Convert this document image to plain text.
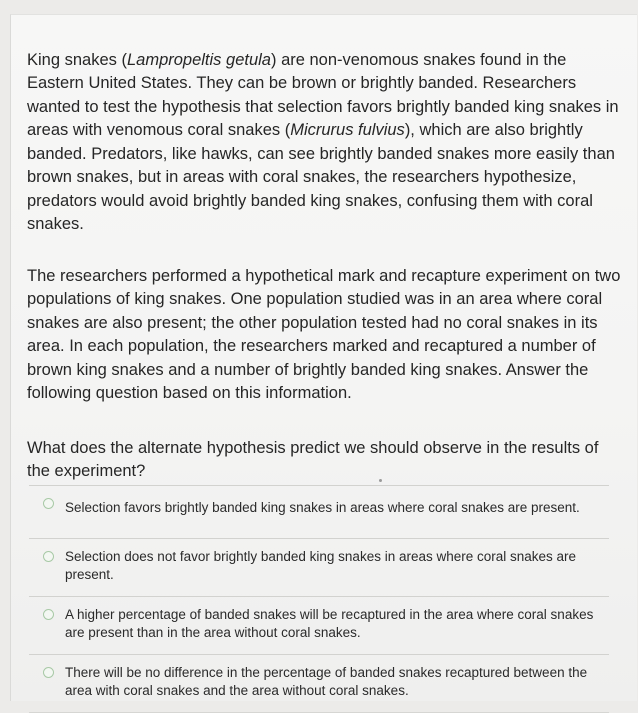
King snakes (Lampropeltis getula) are non-venomous snakes found in the Eastern United States. They can be brown or brightly banded. Researchers wanted to test the hypothesis that selection favors brightly banded king snakes in areas with venomous coral snakes (Micrurus fulvius), which are also brightly banded. Predators, like hawks, can see brightly banded snakes more easily than brown snakes, but in areas with coral snakes, the researchers hypothesize, predators would avoid brightly banded king snakes, confusing them with coral snakes.

The researchers performed a hypothetical mark and recapture experiment on two populations of king snakes. One population studied was in an area where coral snakes are also present; the other population tested had no coral snakes in its area. In each population, the researchers marked and recaptured a number of brown king snakes and a number of brightly banded king snakes. Answer the following question based on this information.

What does the alternate hypothesis predict we should observe in the results of the experiment?

Selection favors brightly banded king snakes in areas where coral snakes are present.
Selection does not favor brightly banded king snakes in areas where coral snakes are present.
A higher percentage of banded snakes will be recaptured in the area where coral snakes are present than in the area without coral snakes.
There will be no difference in the percentage of banded snakes recaptured between the area with coral snakes and the area without coral snakes.
